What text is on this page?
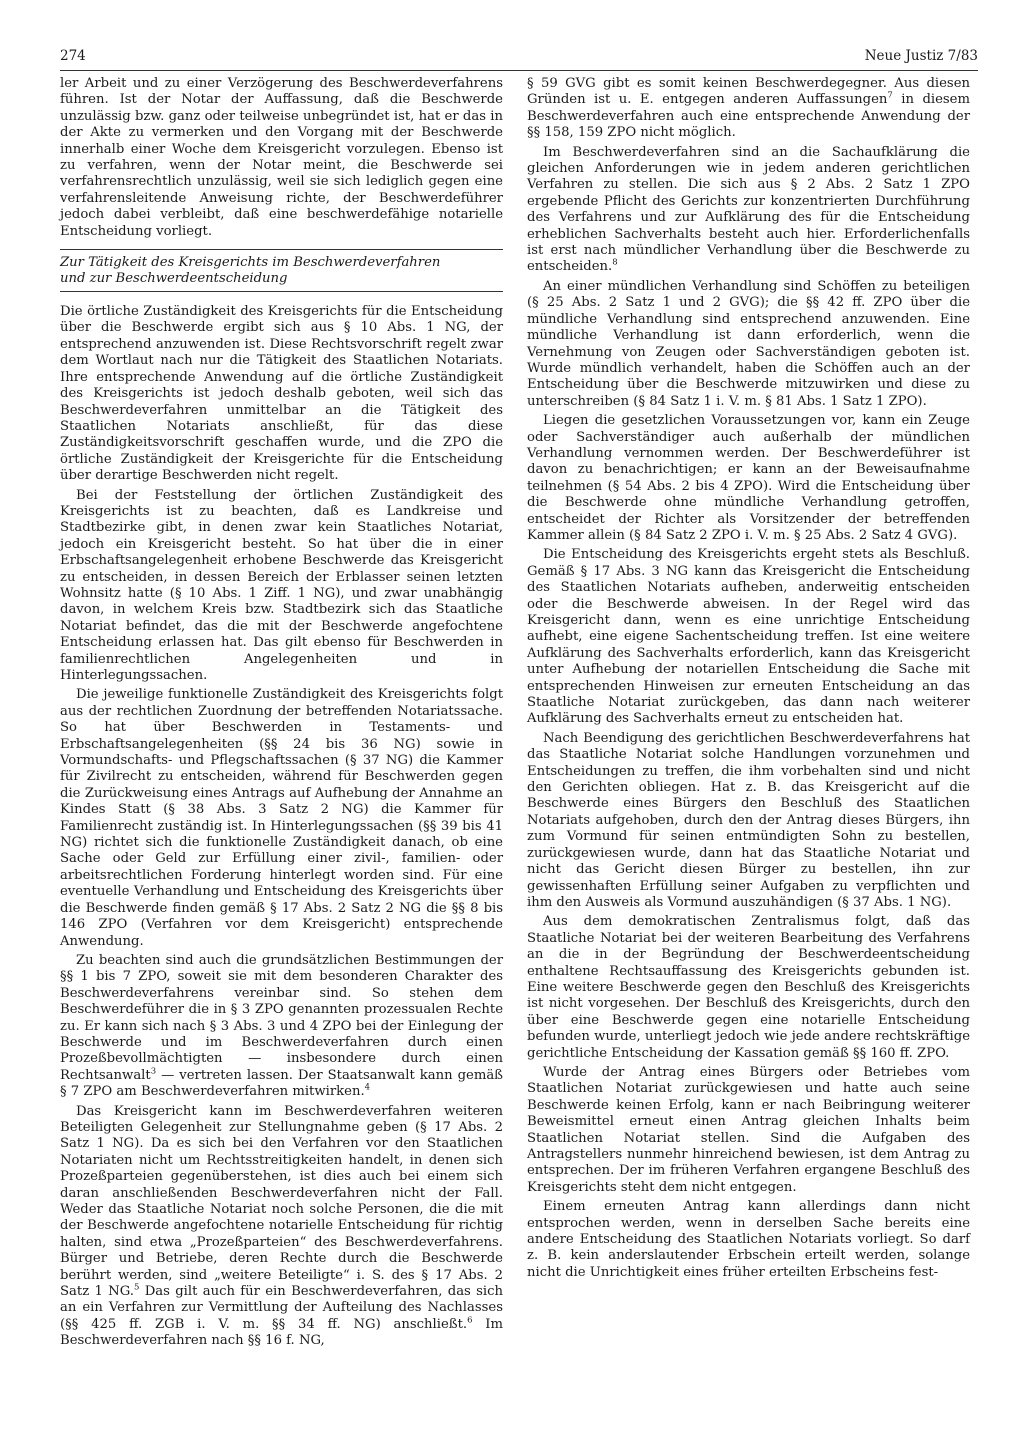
274	Neue Justiz 7/83

ler Arbeit und zu einer Verzögerung des Beschwerdeverfahrens führen. Ist der Notar der Auffassung, daß die Beschwerde unzulässig bzw. ganz oder teilweise unbegründet ist, hat er das in der Akte zu vermerken und den Vorgang mit der Beschwerde innerhalb einer Woche dem Kreisgericht vorzulegen. Ebenso ist zu verfahren, wenn der Notar meint, die Beschwerde sei verfahrensrechtlich unzulässig, weil sie sich lediglich gegen eine verfahrensleitende Anweisung richte, der Beschwerdeführer jedoch dabei verbleibt, daß eine beschwerdefähige notarielle Entscheidung vorliegt.

Zur Tätigkeit des Kreisgerichts im Beschwerdeverfahren
und zur Beschwerdeentscheidung

Die örtliche Zuständigkeit des Kreisgerichts für die Entscheidung über die Beschwerde ergibt sich aus § 10 Abs. 1 NG, der entsprechend anzuwenden ist. Diese Rechtsvorschrift regelt zwar dem Wortlaut nach nur die Tätigkeit des Staatlichen Notariats. Ihre entsprechende Anwendung auf die örtliche Zuständigkeit des Kreisgerichts ist jedoch deshalb geboten, weil sich das Beschwerdeverfahren unmittelbar an die Tätigkeit des Staatlichen Notariats anschließt, für das diese Zuständigkeitsvorschrift geschaffen wurde, und die ZPO die örtliche Zuständigkeit der Kreisgerichte für die Entscheidung über derartige Beschwerden nicht regelt.

Bei der Feststellung der örtlichen Zuständigkeit des Kreisgerichts ist zu beachten, daß es Landkreise und Stadtbezirke gibt, in denen zwar kein Staatliches Notariat, jedoch ein Kreisgericht besteht. So hat über die in einer Erbschaftsangelegenheit erhobene Beschwerde das Kreisgericht zu entscheiden, in dessen Bereich der Erblasser seinen letzten Wohnsitz hatte (§ 10 Abs. 1 Ziff. 1 NG), und zwar unabhängig davon, in welchem Kreis bzw. Stadtbezirk sich das Staatliche Notariat befindet, das die mit der Beschwerde angefochtene Entscheidung erlassen hat. Das gilt ebenso für Beschwerden in familienrechtlichen Angelegenheiten und in Hinterlegungssachen.

Die jeweilige funktionelle Zuständigkeit des Kreisgerichts folgt aus der rechtlichen Zuordnung der betreffenden Notariatssache. So hat über Beschwerden in Testaments- und Erbschaftsangelegenheiten (§§ 24 bis 36 NG) sowie in Vormundschafts- und Pflegschaftssachen (§ 37 NG) die Kammer für Zivilrecht zu entscheiden, während für Beschwerden gegen die Zurückweisung eines Antrags auf Aufhebung der Annahme an Kindes Statt (§ 38 Abs. 3 Satz 2 NG) die Kammer für Familienrecht zuständig ist. In Hinterlegungssachen (§§ 39 bis 41 NG) richtet sich die funktionelle Zuständigkeit danach, ob eine Sache oder Geld zur Erfüllung einer zivil-, familien- oder arbeitsrechtlichen Forderung hinterlegt worden sind. Für eine eventuelle Verhandlung und Entscheidung des Kreisgerichts über die Beschwerde finden gemäß § 17 Abs. 2 Satz 2 NG die §§ 8 bis 146 ZPO (Verfahren vor dem Kreisgericht) entsprechende Anwendung.

Zu beachten sind auch die grundsätzlichen Bestimmungen der §§ 1 bis 7 ZPO, soweit sie mit dem besonderen Charakter des Beschwerdeverfahrens vereinbar sind. So stehen dem Beschwerdeführer die in § 3 ZPO genannten prozessualen Rechte zu. Er kann sich nach § 3 Abs. 3 und 4 ZPO bei der Einlegung der Beschwerde und im Beschwerdeverfahren durch einen Prozeßbevollmächtigten — insbesondere durch einen Rechtsanwalt$^3$ — vertreten lassen. Der Staatsanwalt kann gemäß § 7 ZPO am Beschwerdeverfahren mitwirken.$^4$

Das Kreisgericht kann im Beschwerdeverfahren weiteren Beteiligten Gelegenheit zur Stellungnahme geben (§ 17 Abs. 2 Satz 1 NG). Da es sich bei den Verfahren vor den Staatlichen Notariaten nicht um Rechtsstreitigkeiten handelt, in denen sich Prozeßparteien gegenüberstehen, ist dies auch bei einem sich daran anschließenden Beschwerdeverfahren nicht der Fall. Weder das Staatliche Notariat noch solche Personen, die die mit der Beschwerde angefochtene notarielle Entscheidung für richtig halten, sind etwa „Prozeßparteien“ des Beschwerdeverfahrens. Bürger und Betriebe, deren Rechte durch die Beschwerde berührt werden, sind „weitere Beteiligte“ i. S. des § 17 Abs. 2 Satz 1 NG.$^5$ Das gilt auch für ein Beschwerdeverfahren, das sich an ein Verfahren zur Vermittlung der Aufteilung des Nachlasses (§§ 425 ff. ZGB i. V. m. §§ 34 ff. NG) anschließt.$^6$ Im Beschwerdeverfahren nach §§ 16 f. NG,

§ 59 GVG gibt es somit keinen Beschwerdegegner. Aus diesen Gründen ist u. E. entgegen anderen Auffassungen$^7$ in diesem Beschwerdeverfahren auch eine entsprechende Anwendung der §§ 158, 159 ZPO nicht möglich.

Im Beschwerdeverfahren sind an die Sachaufklärung die gleichen Anforderungen wie in jedem anderen gerichtlichen Verfahren zu stellen. Die sich aus § 2 Abs. 2 Satz 1 ZPO ergebende Pflicht des Gerichts zur konzentrierten Durchführung des Verfahrens und zur Aufklärung des für die Entscheidung erheblichen Sachverhalts besteht auch hier. Erforderlichenfalls ist erst nach mündlicher Verhandlung über die Beschwerde zu entscheiden.$^8$

An einer mündlichen Verhandlung sind Schöffen zu beteiligen (§ 25 Abs. 2 Satz 1 und 2 GVG); die §§ 42 ff. ZPO über die mündliche Verhandlung sind entsprechend anzuwenden. Eine mündliche Verhandlung ist dann erforderlich, wenn die Vernehmung von Zeugen oder Sachverständigen geboten ist. Wurde mündlich verhandelt, haben die Schöffen auch an der Entscheidung über die Beschwerde mitzuwirken und diese zu unterschreiben (§ 84 Satz 1 i. V. m. § 81 Abs. 1 Satz 1 ZPO).

Liegen die gesetzlichen Voraussetzungen vor, kann ein Zeuge oder Sachverständiger auch außerhalb der mündlichen Verhandlung vernommen werden. Der Beschwerdeführer ist davon zu benachrichtigen; er kann an der Beweisaufnahme teilnehmen (§ 54 Abs. 2 bis 4 ZPO). Wird die Entscheidung über die Beschwerde ohne mündliche Verhandlung getroffen, entscheidet der Richter als Vorsitzender der betreffenden Kammer allein (§ 84 Satz 2 ZPO i. V. m. § 25 Abs. 2 Satz 4 GVG).

Die Entscheidung des Kreisgerichts ergeht stets als Beschluß. Gemäß § 17 Abs. 3 NG kann das Kreisgericht die Entscheidung des Staatlichen Notariats aufheben, anderweitig entscheiden oder die Beschwerde abweisen. In der Regel wird das Kreisgericht dann, wenn es eine unrichtige Entscheidung aufhebt, eine eigene Sachentscheidung treffen. Ist eine weitere Aufklärung des Sachverhalts erforderlich, kann das Kreisgericht unter Aufhebung der notariellen Entscheidung die Sache mit entsprechenden Hinweisen zur erneuten Entscheidung an das Staatliche Notariat zurückgeben, das dann nach weiterer Aufklärung des Sachverhalts erneut zu entscheiden hat.

Nach Beendigung des gerichtlichen Beschwerdeverfahrens hat das Staatliche Notariat solche Handlungen vorzunehmen und Entscheidungen zu treffen, die ihm vorbehalten sind und nicht den Gerichten obliegen. Hat z. B. das Kreisgericht auf die Beschwerde eines Bürgers den Beschluß des Staatlichen Notariats aufgehoben, durch den der Antrag dieses Bürgers, ihn zum Vormund für seinen entmündigten Sohn zu bestellen, zurückgewiesen wurde, dann hat das Staatliche Notariat und nicht das Gericht diesen Bürger zu bestellen, ihn zur gewissenhaften Erfüllung seiner Aufgaben zu verpflichten und ihm den Ausweis als Vormund auszuhändigen (§ 37 Abs. 1 NG).

Aus dem demokratischen Zentralismus folgt, daß das Staatliche Notariat bei der weiteren Bearbeitung des Verfahrens an die in der Begründung der Beschwerdeentscheidung enthaltene Rechtsauffassung des Kreisgerichts gebunden ist. Eine weitere Beschwerde gegen den Beschluß des Kreisgerichts ist nicht vorgesehen. Der Beschluß des Kreisgerichts, durch den über eine Beschwerde gegen eine notarielle Entscheidung befunden wurde, unterliegt jedoch wie jede andere rechtskräftige gerichtliche Entscheidung der Kassation gemäß §§ 160 ff. ZPO.

Wurde der Antrag eines Bürgers oder Betriebes vom Staatlichen Notariat zurückgewiesen und hatte auch seine Beschwerde keinen Erfolg, kann er nach Beibringung weiterer Beweismittel erneut einen Antrag gleichen Inhalts beim Staatlichen Notariat stellen. Sind die Aufgaben des Antragstellers nunmehr hinreichend bewiesen, ist dem Antrag zu entsprechen. Der im früheren Verfahren ergangene Beschluß des Kreisgerichts steht dem nicht entgegen.

Einem erneuten Antrag kann allerdings dann nicht entsprochen werden, wenn in derselben Sache bereits eine andere Entscheidung des Staatlichen Notariats vorliegt. So darf z. B. kein anderslautender Erbschein erteilt werden, solange nicht die Unrichtigkeit eines früher erteilten Erbscheins fest-
